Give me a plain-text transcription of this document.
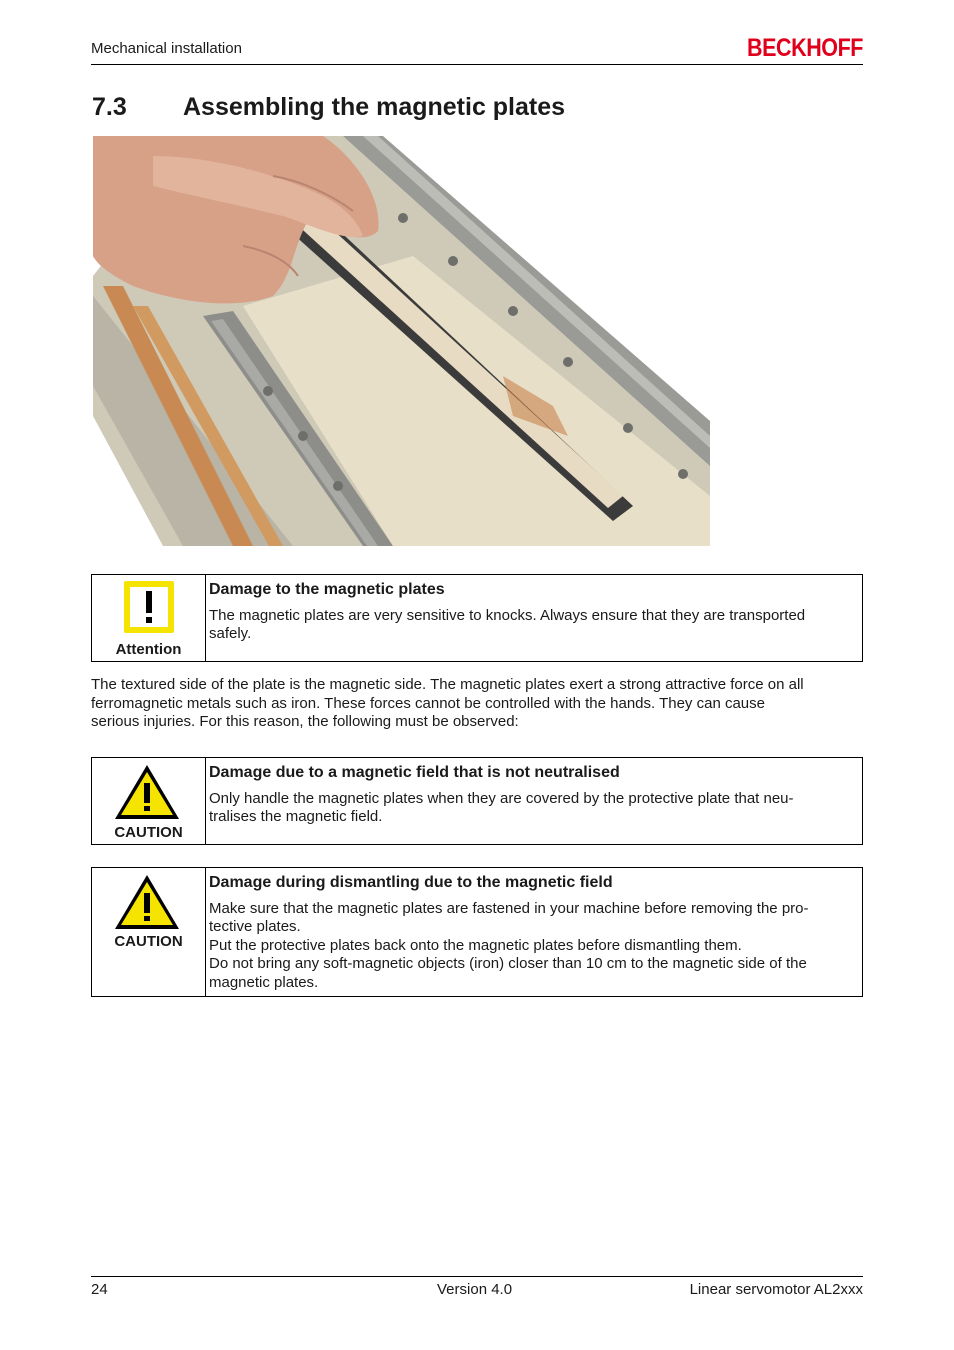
Mechanical installation	BECKHOFF
7.3 Assembling the magnetic plates
Attention
Damage to the magnetic plates
The magnetic plates are very sensitive to knocks. Always ensure that they are transported
safely.
The textured side of the plate is the magnetic side. The magnetic plates exert a strong attractive force on all
ferromagnetic metals such as iron. These forces cannot be controlled with the hands. They can cause
serious injuries. For this reason, the following must be observed:
CAUTION
Damage due to a magnetic field that is not neutralised
Only handle the magnetic plates when they are covered by the protective plate that neu-
tralises the magnetic field.
CAUTION
Damage during dismantling due to the magnetic field
Make sure that the magnetic plates are fastened in your machine before removing the pro-
tective plates.
Put the protective plates back onto the magnetic plates before dismantling them.
Do not bring any soft-magnetic objects (iron) closer than 10 cm to the magnetic side of the
magnetic plates.
24	Version 4.0	Linear servomotor AL2xxx
